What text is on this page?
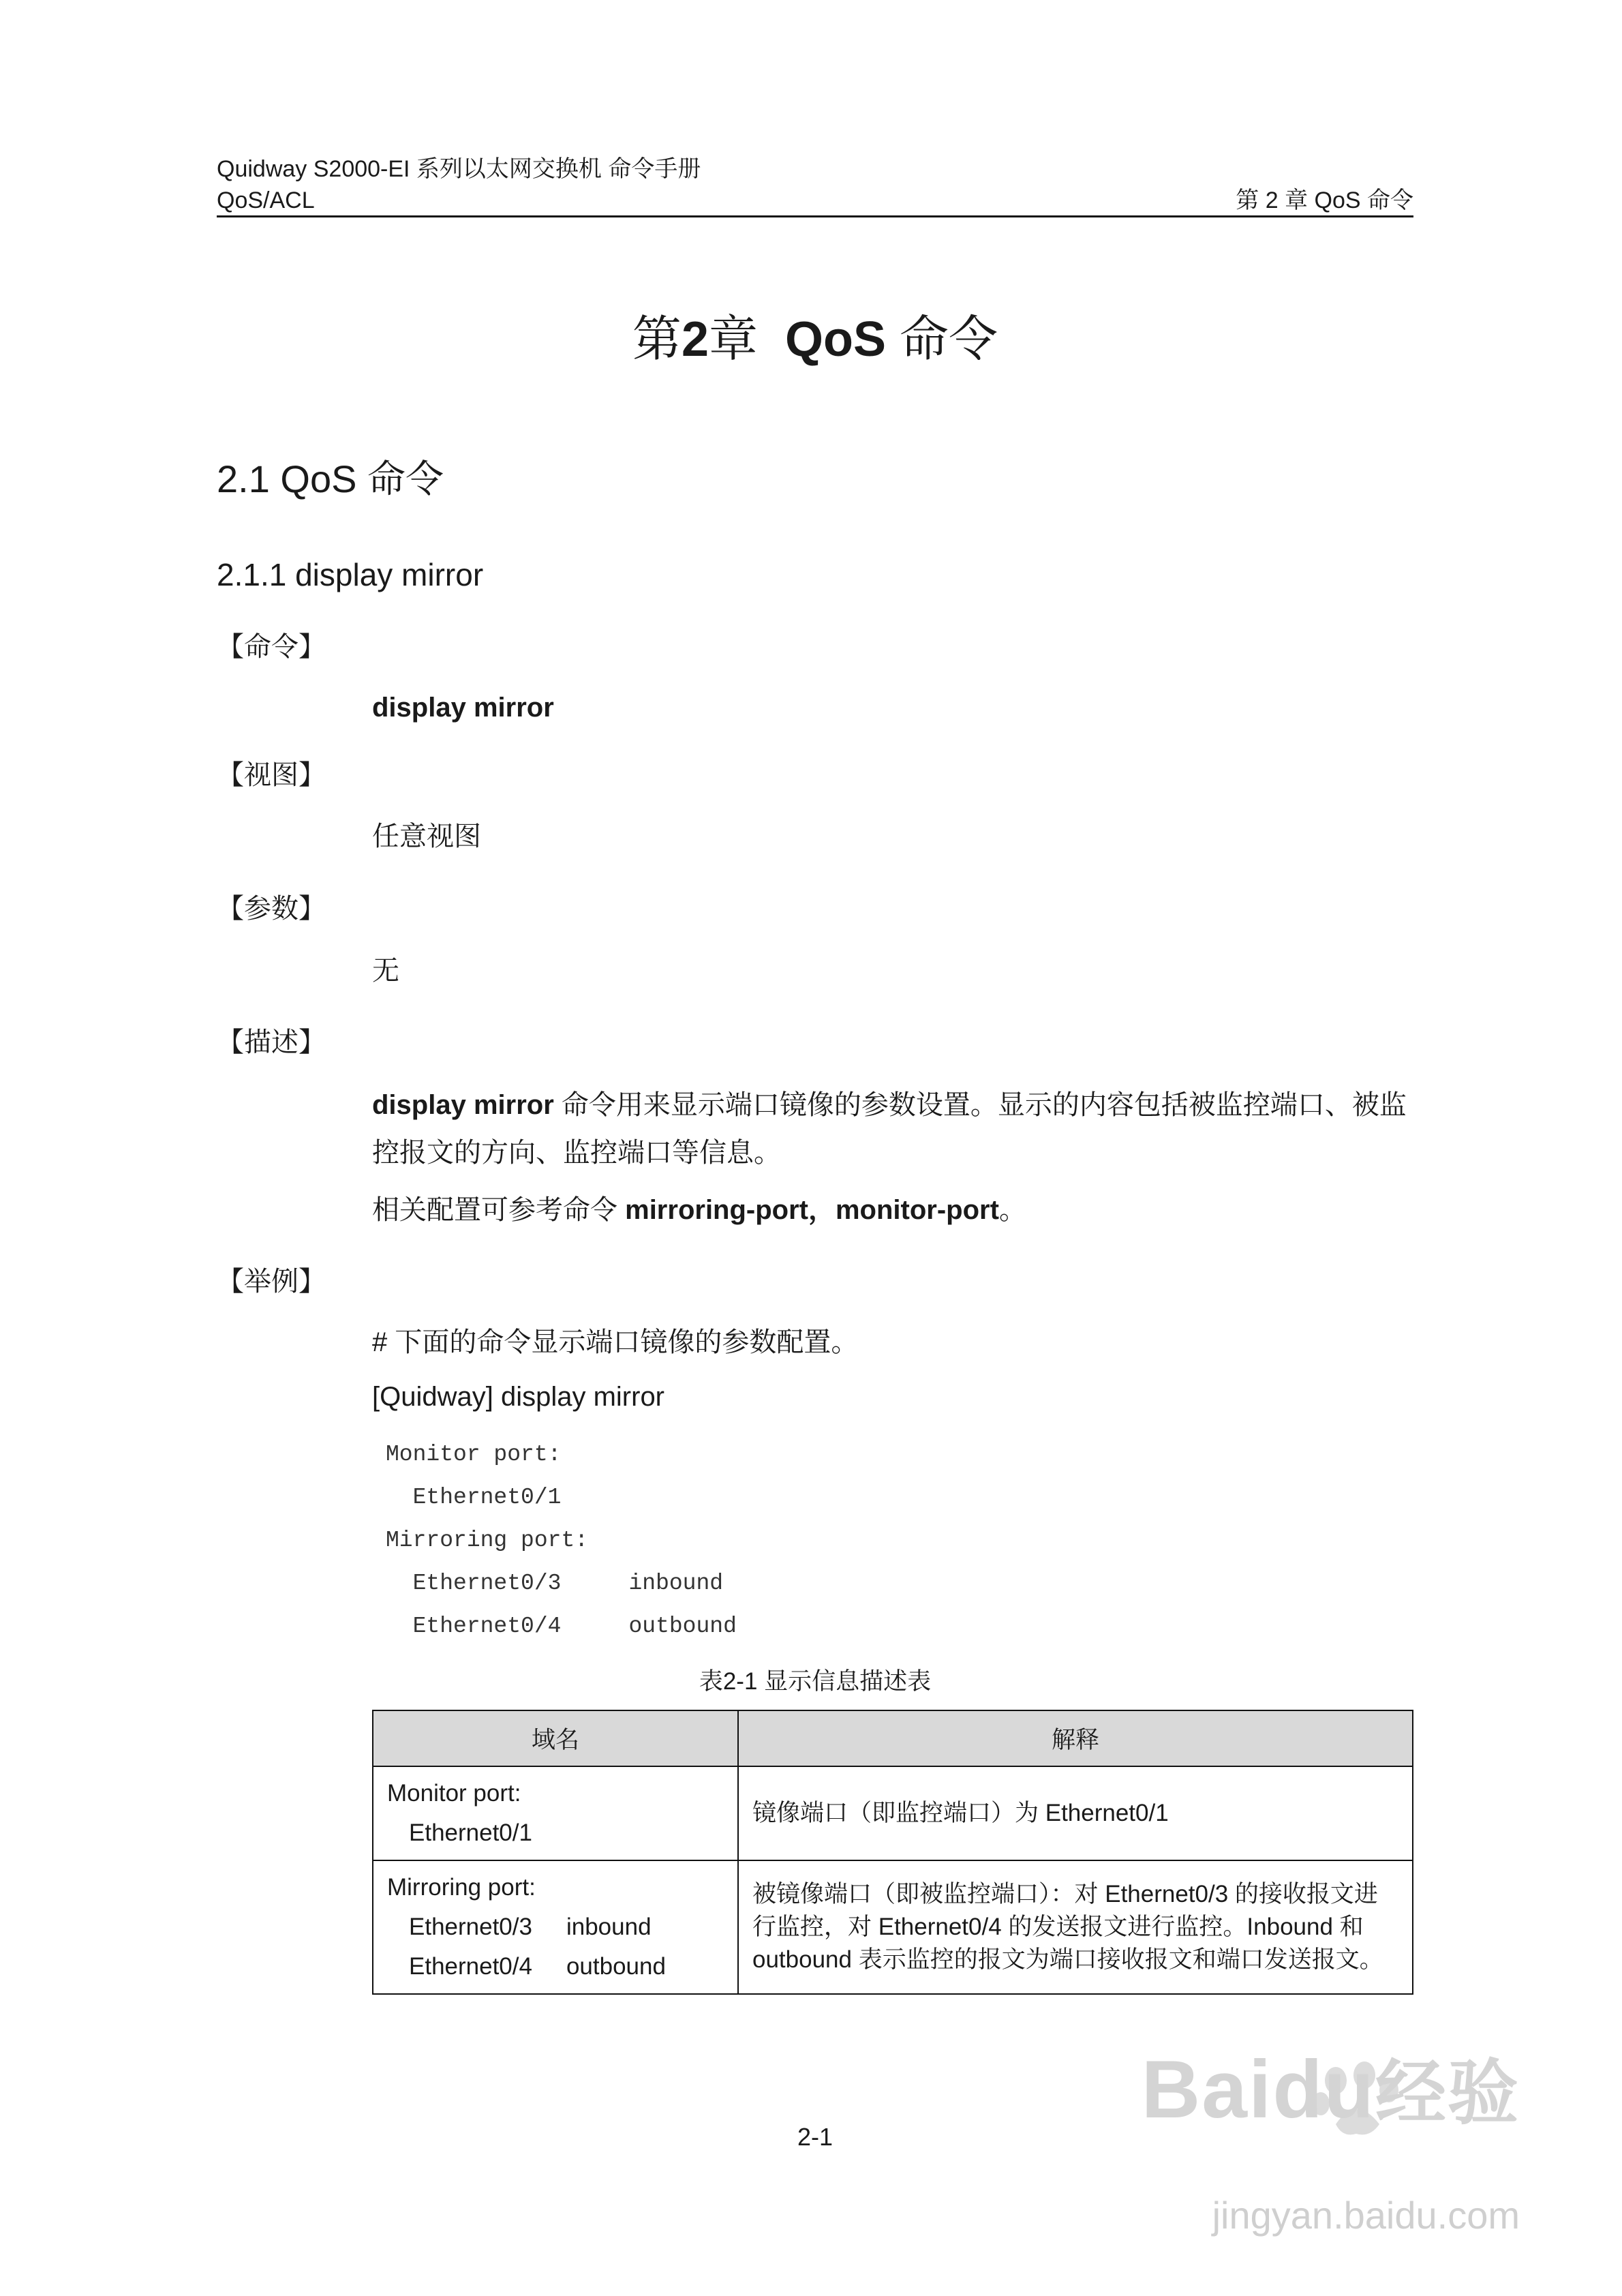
Quidway S2000-EI 系列以太网交换机 命令手册
QoS/ACL	第 2 章 QoS 命令
第2章 QoS 命令
2.1 QoS 命令
2.1.1 display mirror
【命令】
display mirror
【视图】
任意视图
【参数】
无
【描述】
display mirror 命令用来显示端口镜像的参数设置。显示的内容包括被监控端口、被监控报文的方向、监控端口等信息。
相关配置可参考命令 mirroring-port，monitor-port。
【举例】
# 下面的命令显示端口镜像的参数配置。
[Quidway] display mirror
Monitor port:
Ethernet0/1
Mirroring port:
Ethernet0/3     inbound
Ethernet0/4     outbound
表2-1 显示信息描述表
域名	解释

Monitor port:
Ethernet0/1	镜像端口（即监控端口）为 Ethernet0/1

Mirroring port:
Ethernet0/3 inbound Ethernet0/4 outbound	被镜像端口（即被监控端口）：对 Ethernet0/3 的接收报文进行监控，对 Ethernet0/4 的发送报文进行监控。Inbound 和 outbound 表示监控的报文为端口接收报文和端口发送报文。
2-1
Baidu经验
jingyan.baidu.com
